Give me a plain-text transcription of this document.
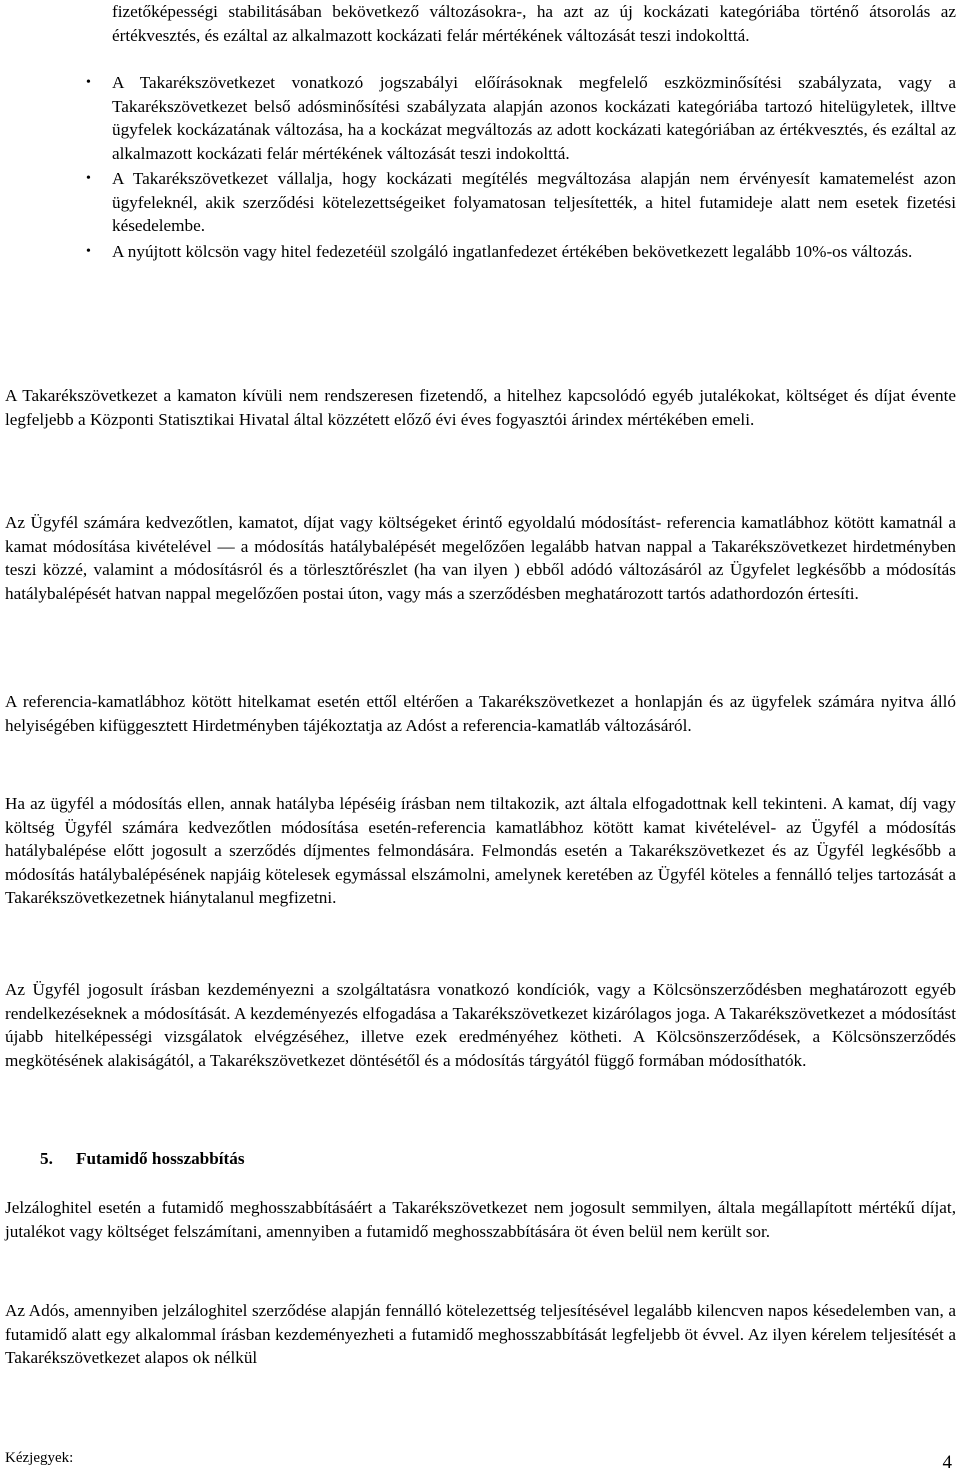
fizetőképességi stabilitásában bekövetkező változásokra-, ha azt az új kockázati kategóriába történő átsorolás az értékvesztés, és ezáltal az alkalmazott kockázati felár mértékének változását teszi indokolttá.

• A Takarékszövetkezet vonatkozó jogszabályi előírásoknak megfelelő eszközminősítési szabályzata, vagy a Takarékszövetkezet belső adósminősítési szabályzata alapján azonos kockázati kategóriába tartozó hitelügyletek, illtve ügyfelek kockázatának változása, ha a kockázat megváltozás az adott kockázati kategóriában az értékvesztés, és ezáltal az alkalmazott kockázati felár mértékének változását teszi indokolttá.
• A Takarékszövetkezet vállalja, hogy kockázati megítélés megváltozása alapján nem érvényesít kamatemelést azon ügyfeleknél, akik szerződési kötelezettségeiket folyamatosan teljesítették, a hitel futamideje alatt nem esetek fizetési késedelembe.
• A nyújtott kölcsön vagy hitel fedezetéül szolgáló ingatlanfedezet értékében bekövetkezett legalább 10%-os változás.

A Takarékszövetkezet a kamaton kívüli nem rendszeresen fizetendő, a hitelhez kapcsolódó egyéb jutalékokat, költséget és díjat évente legfeljebb a Központi Statisztikai Hivatal által közzétett előző évi éves fogyasztói árindex mértékében emeli.

Az Ügyfél számára kedvezőtlen, kamatot, díjat vagy költségeket érintő egyoldalú módosítást- referencia kamatlábhoz kötött kamatnál a kamat módosítása kivételével — a módosítás hatálybalépését megelőzően legalább hatvan nappal a Takarékszövetkezet hirdetményben teszi közzé, valamint a módosításról és a törlesztőrészlet (ha van ilyen ) ebből adódó változásáról az Ügyfelet legkésőbb a módosítás hatálybalépését hatvan nappal megelőzően postai úton, vagy más a szerződésben meghatározott tartós adathordozón értesíti.

A referencia-kamatlábhoz kötött hitelkamat esetén ettől eltérően a Takarékszövetkezet a honlapján és az ügyfelek számára nyitva álló helyiségében kifüggesztett Hirdetményben tájékoztatja az Adóst a referencia-kamatláb változásáról.

Ha az ügyfél a módosítás ellen, annak hatályba lépéséig írásban nem tiltakozik, azt általa elfogadottnak kell tekinteni. A kamat, díj vagy költség Ügyfél számára kedvezőtlen módosítása esetén-referencia kamatlábhoz kötött kamat kivételével- az Ügyfél a módosítás hatálybalépése előtt jogosult a szerződés díjmentes felmondására. Felmondás esetén a Takarékszövetkezet és az Ügyfél legkésőbb a módosítás hatálybalépésének napjáig kötelesek egymással elszámolni, amelynek keretében az Ügyfél köteles a fennálló teljes tartozását a Takarékszövetkezetnek hiánytalanul megfizetni.

Az Ügyfél jogosult írásban kezdeményezni a szolgáltatásra vonatkozó kondíciók, vagy a Kölcsönszerződésben meghatározott egyéb rendelkezéseknek a módosítását. A kezdeményezés elfogadása a Takarékszövetkezet kizárólagos joga. A Takarékszövetkezet a módosítást újabb hitelképességi vizsgálatok elvégzéséhez, illetve ezek eredményéhez kötheti. A Kölcsönszerződések, a Kölcsönszerződés megkötésének alakiságától, a Takarékszövetkezet döntésétől és a módosítás tárgyától függő formában módosíthatók.

5. Futamidő hosszabbítás

Jelzáloghitel esetén a futamidő meghosszabbításáért a Takarékszövetkezet nem jogosult semmilyen, általa megállapított mértékű díjat, jutalékot vagy költséget felszámítani, amennyiben a futamidő meghosszabbítására öt éven belül nem került sor.

Az Adós, amennyiben jelzáloghitel szerződése alapján fennálló kötelezettség teljesítésével legalább kilencven napos késedelemben van, a futamidő alatt egy alkalommal írásban kezdeményezheti a futamidő meghosszabbítását legfeljebb öt évvel. Az ilyen kérelem teljesítését a Takarékszövetkezet alapos ok nélkül

Kézjegyek:	4
